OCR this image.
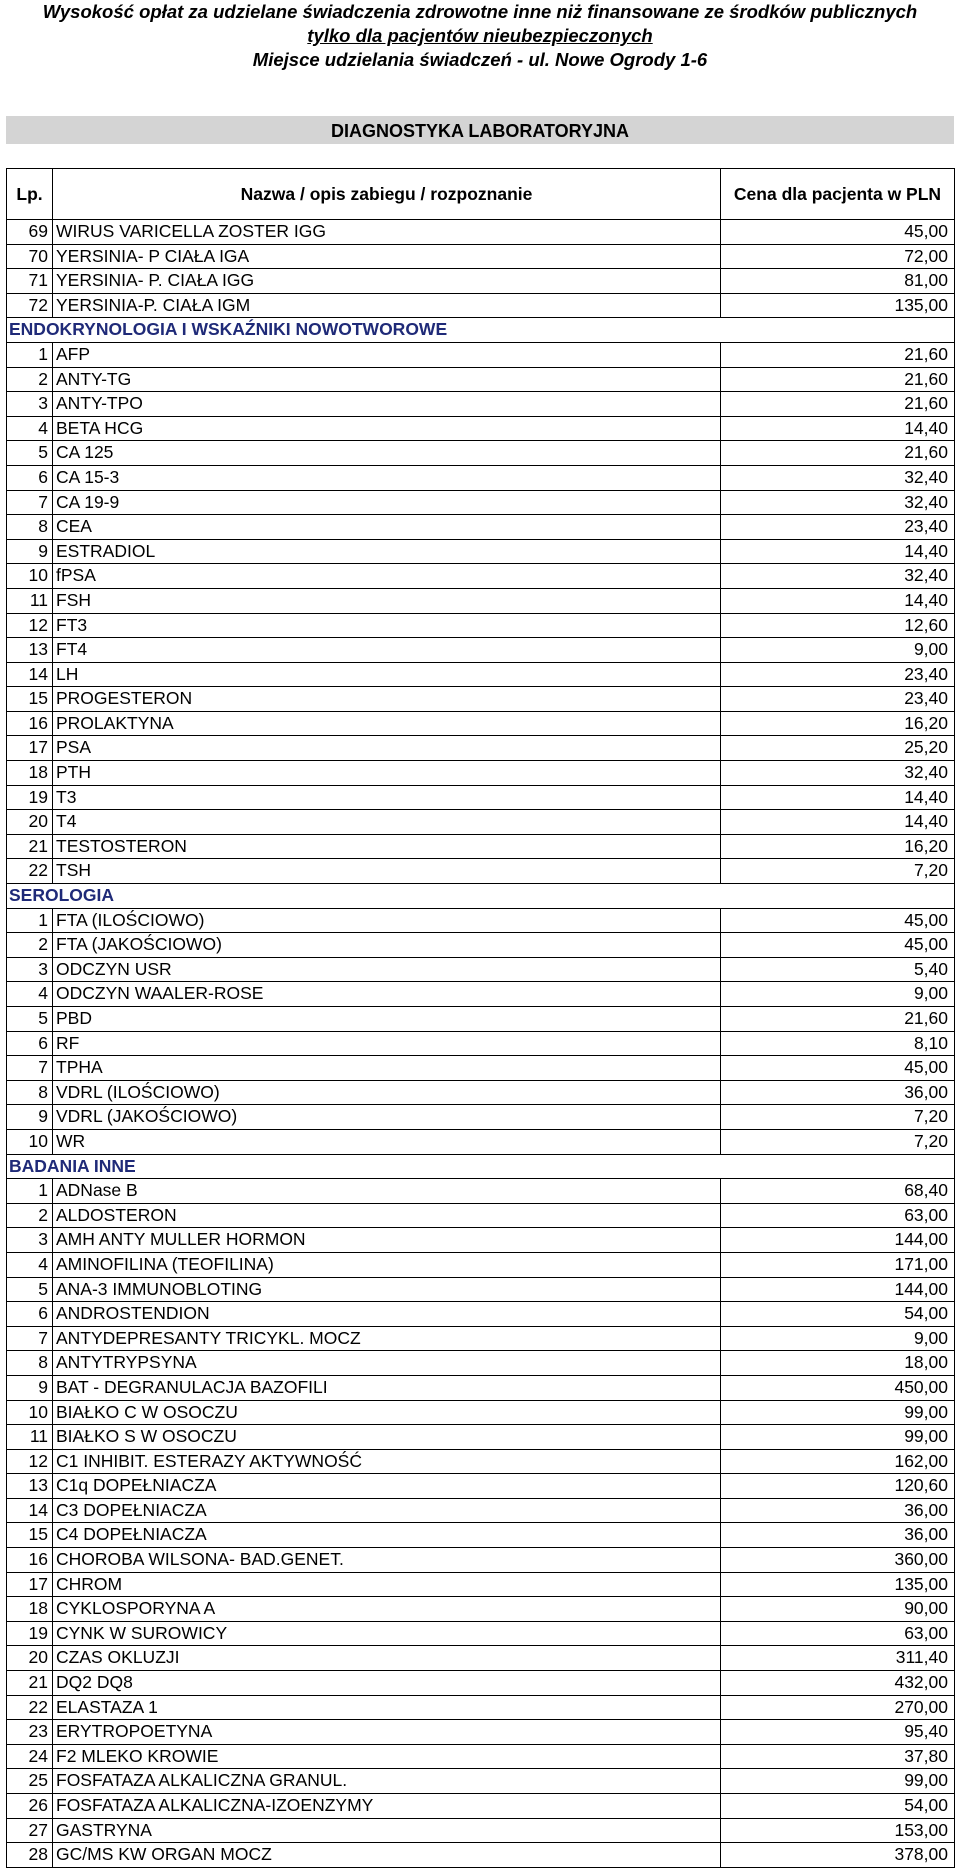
Wysokość opłat za udzielane świadczenia zdrowotne inne niż finansowane ze środków publicznych
tylko dla pacjentów nieubezpieczonych
Miejsce udzielania świadczeń - ul. Nowe Ogrody 1-6
DIAGNOSTYKA LABORATORYJNA
Lp.	Nazwa / opis zabiegu / rozpoznanie	Cena dla pacjenta w PLN
69	WIRUS VARICELLA ZOSTER IGG	45,00
70	YERSINIA- P CIAŁA IGA	72,00
71	YERSINIA- P. CIAŁA IGG	81,00
72	YERSINIA-P. CIAŁA IGM	135,00
ENDOKRYNOLOGIA I WSKAŹNIKI NOWOTWOROWE		
1	AFP	21,60
2	ANTY-TG	21,60
3	ANTY-TPO	21,60
4	BETA HCG	14,40
5	CA 125	21,60
6	CA 15-3	32,40
7	CA 19-9	32,40
8	CEA	23,40
9	ESTRADIOL	14,40
10	fPSA	32,40
11	FSH	14,40
12	FT3	12,60
13	FT4	9,00
14	LH	23,40
15	PROGESTERON	23,40
16	PROLAKTYNA	16,20
17	PSA	25,20
18	PTH	32,40
19	T3	14,40
20	T4	14,40
21	TESTOSTERON	16,20
22	TSH	7,20
SEROLOGIA		
1	FTA (ILOŚCIOWO)	45,00
2	FTA (JAKOŚCIOWO)	45,00
3	ODCZYN USR	5,40
4	ODCZYN WAALER-ROSE	9,00
5	PBD	21,60
6	RF	8,10
7	TPHA	45,00
8	VDRL (ILOŚCIOWO)	36,00
9	VDRL (JAKOŚCIOWO)	7,20
10	WR	7,20
BADANIA INNE		
1	ADNase B	68,40
2	ALDOSTERON	63,00
3	AMH ANTY MULLER HORMON	144,00
4	AMINOFILINA (TEOFILINA)	171,00
5	ANA-3 IMMUNOBLOTING	144,00
6	ANDROSTENDION	54,00
7	ANTYDEPRESANTY TRICYKL. MOCZ	9,00
8	ANTYTRYPSYNA	18,00
9	BAT - DEGRANULACJA BAZOFILI	450,00
10	BIAŁKO C W OSOCZU	99,00
11	BIAŁKO S W OSOCZU	99,00
12	C1 INHIBIT. ESTERAZY AKTYWNOŚĆ	162,00
13	C1q DOPEŁNIACZA	120,60
14	C3 DOPEŁNIACZA	36,00
15	C4 DOPEŁNIACZA	36,00
16	CHOROBA WILSONA- BAD.GENET.	360,00
17	CHROM	135,00
18	CYKLOSPORYNA A	90,00
19	CYNK W SUROWICY	63,00
20	CZAS OKLUZJI	311,40
21	DQ2 DQ8	432,00
22	ELASTAZA 1	270,00
23	ERYTROPOETYNA	95,40
24	F2 MLEKO KROWIE	37,80
25	FOSFATAZA ALKALICZNA GRANUL.	99,00
26	FOSFATAZA ALKALICZNA-IZOENZYMY	54,00
27	GASTRYNA	153,00
28	GC/MS KW ORGAN MOCZ	378,00
